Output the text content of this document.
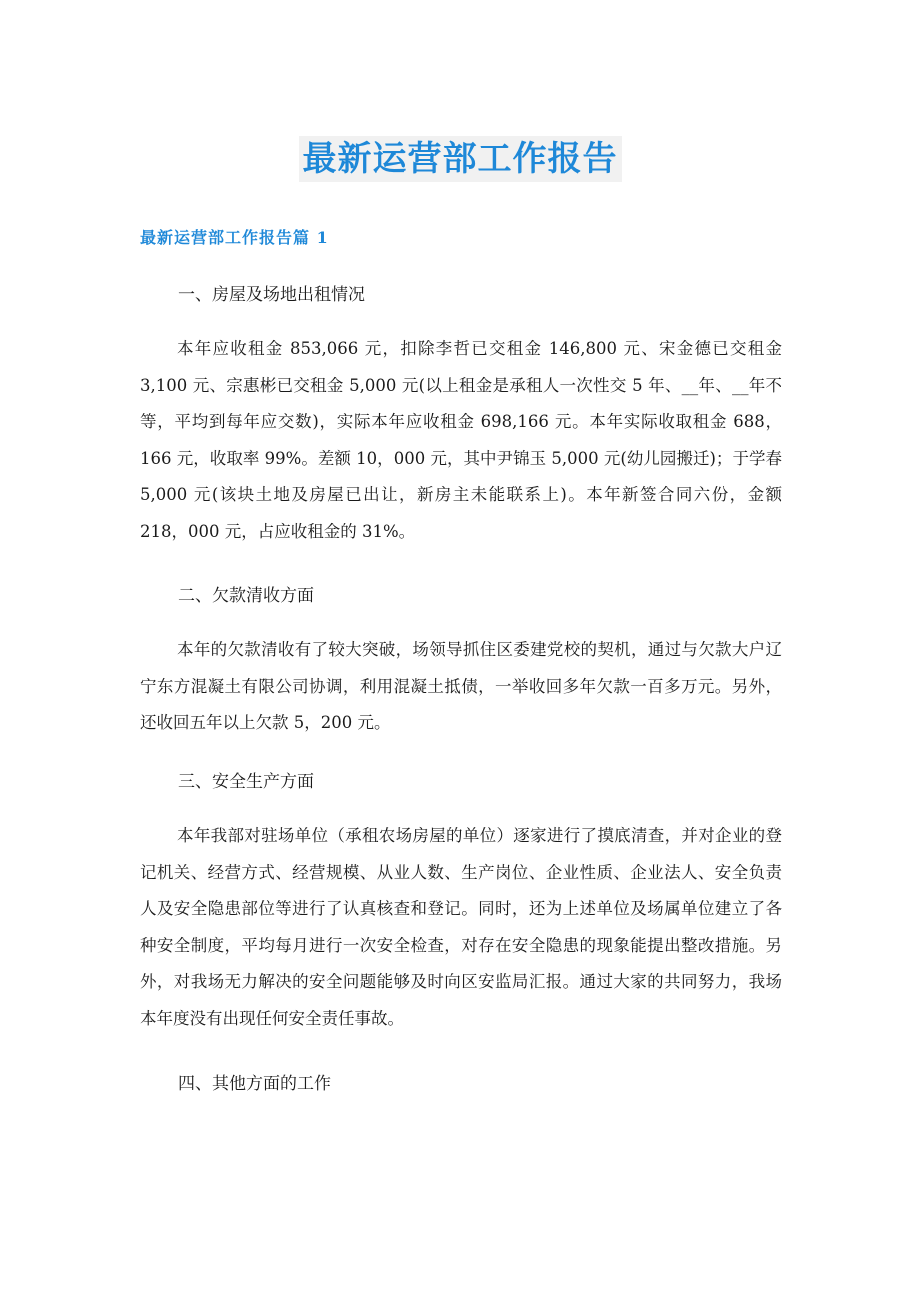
最新运营部工作报告
最新运营部工作报告篇 1
一、房屋及场地出租情况
本年应收租金 853,066 元，扣除李哲已交租金 146,800 元、宋金德已交租金 3,100 元、宗惠彬已交租金 5,000 元(以上租金是承租人一次性交 5 年、__年、__年不等，平均到每年应交数)，实际本年应收租金 698,166 元。本年实际收取租金 688，166 元，收取率 99%。差额 10，000 元，其中尹锦玉 5,000 元(幼儿园搬迁)；于学春 5,000 元(该块土地及房屋已出让，新房主未能联系上)。本年新签合同六份，金额 218，000 元，占应收租金的 31%。
二、欠款清收方面
本年的欠款清收有了较大突破，场领导抓住区委建党校的契机，通过与欠款大户辽宁东方混凝土有限公司协调，利用混凝土抵债，一举收回多年欠款一百多万元。另外，还收回五年以上欠款 5，200 元。
三、安全生产方面
本年我部对驻场单位（承租农场房屋的单位）逐家进行了摸底清查，并对企业的登记机关、经营方式、经营规模、从业人数、生产岗位、企业性质、企业法人、安全负责人及安全隐患部位等进行了认真核查和登记。同时，还为上述单位及场属单位建立了各种安全制度，平均每月进行一次安全检查，对存在安全隐患的现象能提出整改措施。另外，对我场无力解决的安全问题能够及时向区安监局汇报。通过大家的共同努力，我场本年度没有出现任何安全责任事故。
四、其他方面的工作
